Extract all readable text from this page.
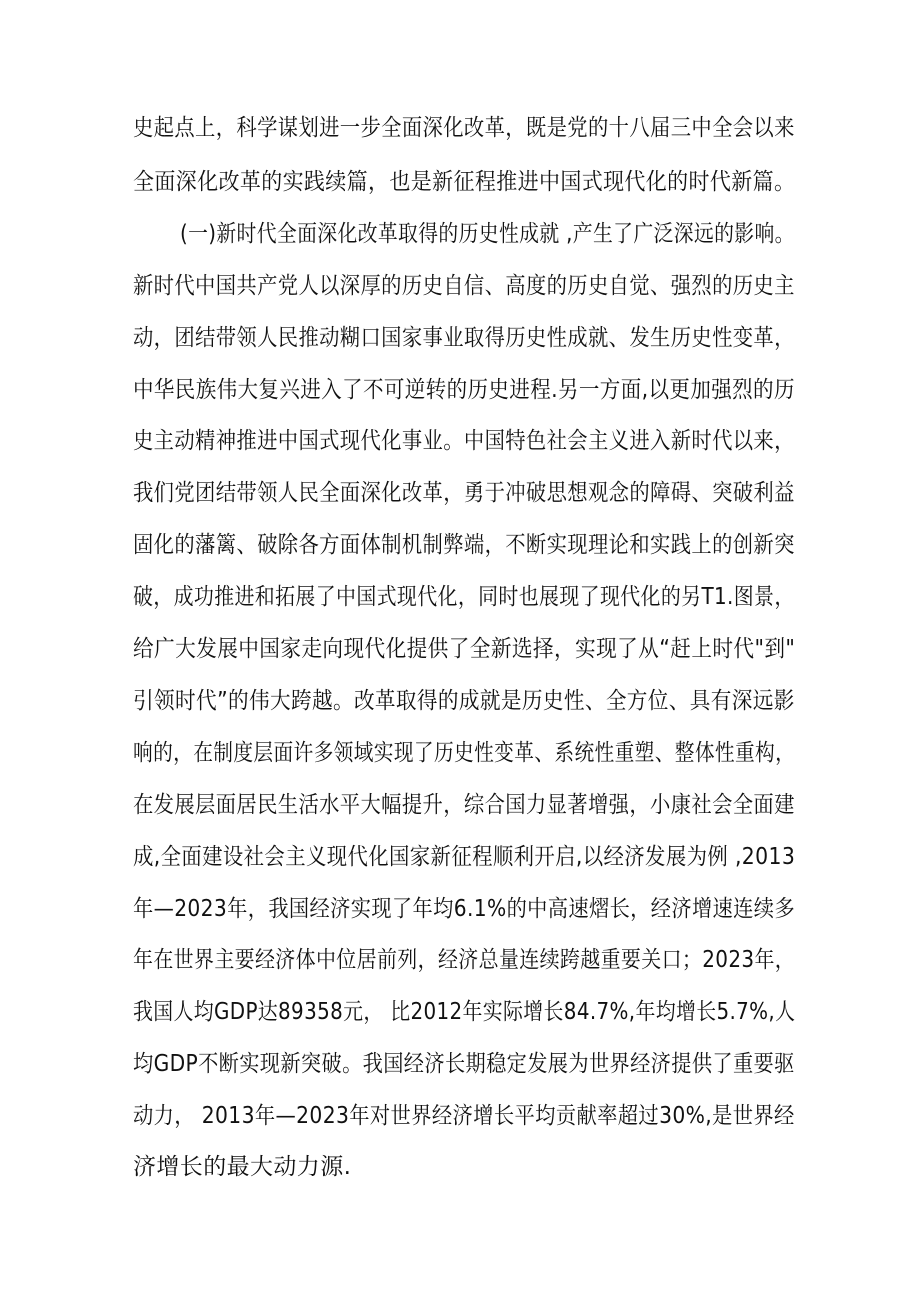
史起点上，科学谋划进一步全面深化改革，既是党的十八届三中全会以来
全面深化改革的实践续篇，也是新征程推进中国式现代化的时代新篇。
(一)新时代全面深化改革取得的历史性成就 ,产生了广泛深远的影响。
新时代中国共产党人以深厚的历史自信、高度的历史自觉、强烈的历史主
动，团结带领人民推动糊口国家事业取得历史性成就、发生历史性变革，
中华民族伟大复兴进入了不可逆转的历史进程.另一方面,以更加强烈的历
史主动精神推进中国式现代化事业。中国特色社会主义进入新时代以来，
我们党团结带领人民全面深化改革，勇于冲破思想观念的障碍、突破利益
固化的藩篱、破除各方面体制机制弊端，不断实现理论和实践上的创新突
破，成功推进和拓展了中国式现代化，同时也展现了现代化的另T1.图景，
给广大发展中国家走向现代化提供了全新选择，实现了从“赶上时代"到"
引领时代”的伟大跨越。改革取得的成就是历史性、全方位、具有深远影
响的，在制度层面许多领域实现了历史性变革、系统性重塑、整体性重构，
在发展层面居民生活水平大幅提升，综合国力显著增强，小康社会全面建
成,全面建设社会主义现代化国家新征程顺利开启,以经济发展为例 ,2013
年—2023年，我国经济实现了年均6.1%的中高速熠长，经济增速连续多
年在世界主要经济体中位居前列，经济总量连续跨越重要关口；2023年，
我国人均GDP达89358元， 比2012年实际增长84.7%,年均增长5.7%,人
均GDP不断实现新突破。我国经济长期稳定发展为世界经济提供了重要驱
动力， 2013年—2023年对世界经济增长平均贡献率超过30%,是世界经
济增长的最大动力源.
